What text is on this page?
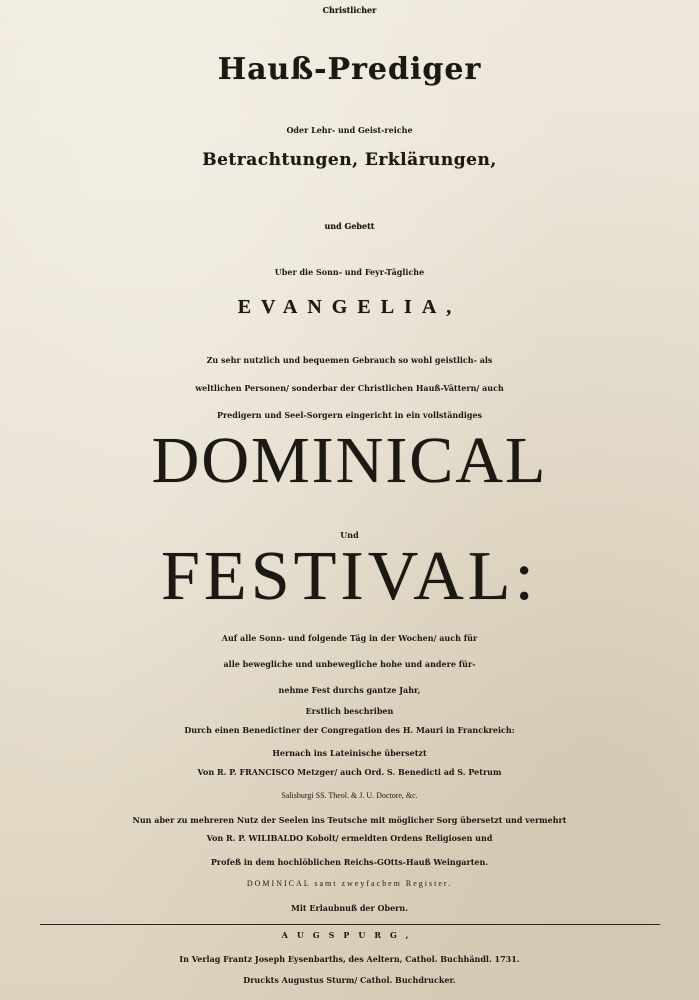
Christlicher
Hauß-Prediger
Oder Lehr- und Geist-reiche
Betrachtungen, Erklärungen,
und Gebett
Uber die Sonn- und Feyr-Tägliche
EVANGELIA,
Zu sehr nutzlich und bequemen Gebrauch so wohl geistlich- als
weltlichen Personen/ sonderbar der Christlichen Hauß-Vättern/ auch
Predigern und Seel-Sorgern eingericht in ein vollständiges
DOMINICAL
Und
FESTIVAL:
Auf alle Sonn- und folgende Täg in der Wochen/ auch für
alle bewegliche und unbewegliche hohe und andere für-
nehme Fest durchs gantze Jahr,
Erstlich beschriben
Durch einen Benedictiner der Congregation des H. Mauri in Franckreich:
Hernach ins Lateinische übersetzt
Von R. P. FRANCISCO Metzger/ auch Ord. S. Benedicti ad S. Petrum
Salisburgi SS. Theol. & J. U. Doctore, &c.
Nun aber zu mehreren Nutz der Seelen ins Teutsche mit möglicher Sorg übersetzt und vermehrt
Von R. P. WILIBALDO Kobolt/ ermeldten Ordens Religiosen und
Profeß in dem hochlöblichen Reichs-GOtts-Hauß Weingarten.
DOMINICAL samt zweyfachem Register.
Mit Erlaubnuß der Obern.
AUGSPURG,
In Verlag Frantz Joseph Eysenbarths, des Aeltern, Cathol. Buchhändl. 1731.
Druckts Augustus Sturm/ Cathol. Buchdrucker.
